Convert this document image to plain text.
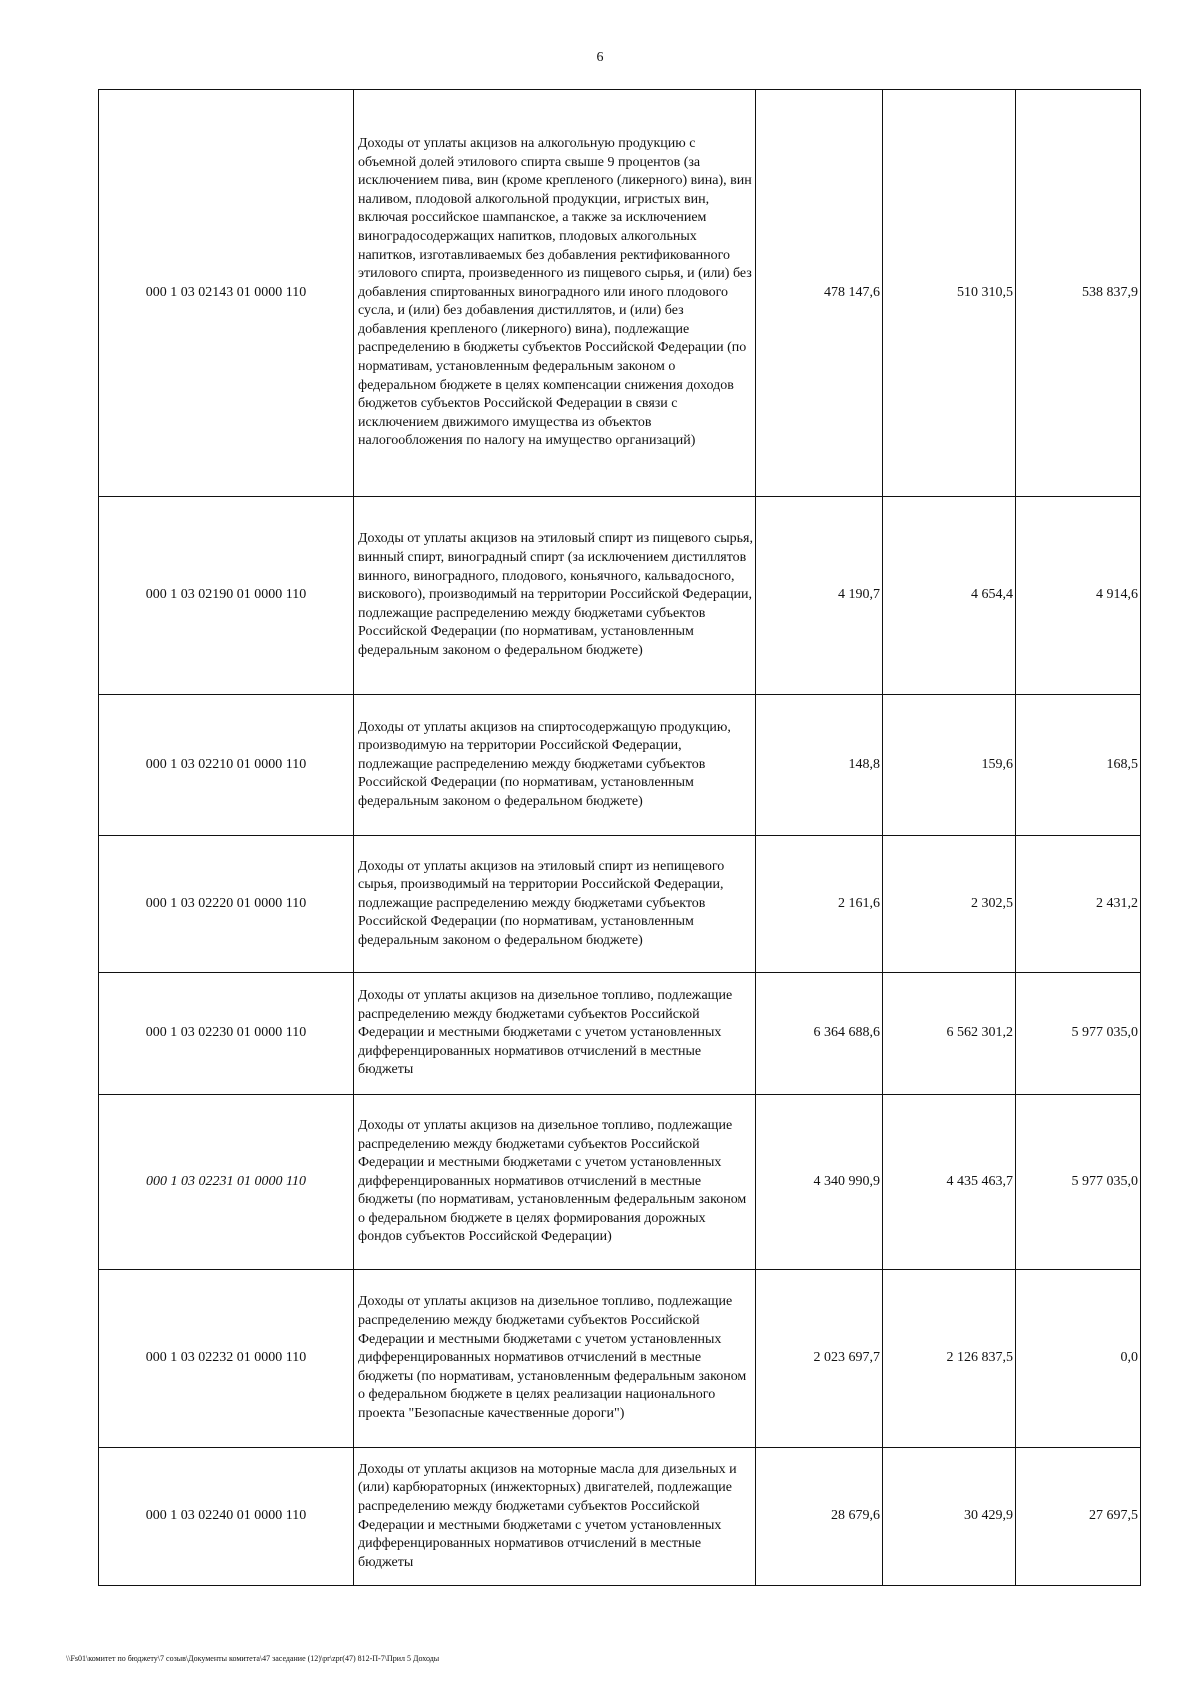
6
000 1 03 02143 01 0000 110	Доходы от уплаты акцизов на алкогольную продукцию с объемной долей этилового спирта свыше 9 процентов (за исключением пива, вин (кроме крепленого (ликерного) вина), вин наливом, плодовой алкогольной продукции, игристых вин, включая российское шампанское, а также за исключением виноградосодержащих напитков, плодовых алкогольных напитков, изготавливаемых без добавления ректификованного этилового спирта, произведенного из пищевого сырья, и (или) без добавления спиртованных виноградного или иного плодового сусла, и (или) без добавления дистиллятов, и (или) без добавления крепленого (ликерного) вина), подлежащие распределению в бюджеты субъектов Российской Федерации (по нормативам, установленным федеральным законом о федеральном бюджете в целях компенсации снижения доходов бюджетов субъектов Российской Федерации в связи с исключением движимого имущества из объектов налогообложения по налогу на имущество организаций)	478 147,6	510 310,5	538 837,9
000 1 03 02190 01 0000 110	Доходы от уплаты акцизов на этиловый спирт из пищевого сырья, винный спирт, виноградный спирт (за исключением дистиллятов винного, виноградного, плодового, коньячного, кальвадосного, вискового), производимый на территории Российской Федерации, подлежащие распределению между бюджетами субъектов Российской Федерации (по нормативам, установленным федеральным законом о федеральном бюджете)	4 190,7	4 654,4	4 914,6
000 1 03 02210 01 0000 110	Доходы от уплаты акцизов на спиртосодержащую продукцию, производимую на территории Российской Федерации, подлежащие распределению между бюджетами субъектов Российской Федерации (по нормативам, установленным федеральным законом о федеральном бюджете)	148,8	159,6	168,5
000 1 03 02220 01 0000 110	Доходы от уплаты акцизов на этиловый спирт из непищевого сырья, производимый на территории Российской Федерации, подлежащие распределению между бюджетами субъектов Российской Федерации (по нормативам, установленным федеральным законом о федеральном бюджете)	2 161,6	2 302,5	2 431,2
000 1 03 02230 01 0000 110	Доходы от уплаты акцизов на дизельное топливо, подлежащие распределению между бюджетами субъектов Российской Федерации и местными бюджетами с учетом установленных дифференцированных нормативов отчислений в местные бюджеты	6 364 688,6	6 562 301,2	5 977 035,0
000 1 03 02231 01 0000 110	Доходы от уплаты акцизов на дизельное топливо, подлежащие распределению между бюджетами субъектов Российской Федерации и местными бюджетами с учетом установленных дифференцированных нормативов отчислений в местные бюджеты (по нормативам, установленным федеральным законом о федеральном бюджете в целях формирования дорожных фондов субъектов Российской Федерации)	4 340 990,9	4 435 463,7	5 977 035,0
000 1 03 02232 01 0000 110	Доходы от уплаты акцизов на дизельное топливо, подлежащие распределению между бюджетами субъектов Российской Федерации и местными бюджетами с учетом установленных дифференцированных нормативов отчислений в местные бюджеты (по нормативам, установленным федеральным законом о федеральном бюджете в целях реализации национального проекта "Безопасные качественные дороги")	2 023 697,7	2 126 837,5	0,0
000 1 03 02240 01 0000 110	Доходы от уплаты акцизов на моторные масла для дизельных и (или) карбюраторных (инжекторных) двигателей, подлежащие распределению между бюджетами субъектов Российской Федерации и местными бюджетами с учетом установленных дифференцированных нормативов отчислений в местные бюджеты	28 679,6	30 429,9	27 697,5
\\Fs01\комитет по бюджету\7 созыв\Документы комитета\47 заседание (12)\pr\zpr(47) 812-П-7\Прил 5 Доходы
